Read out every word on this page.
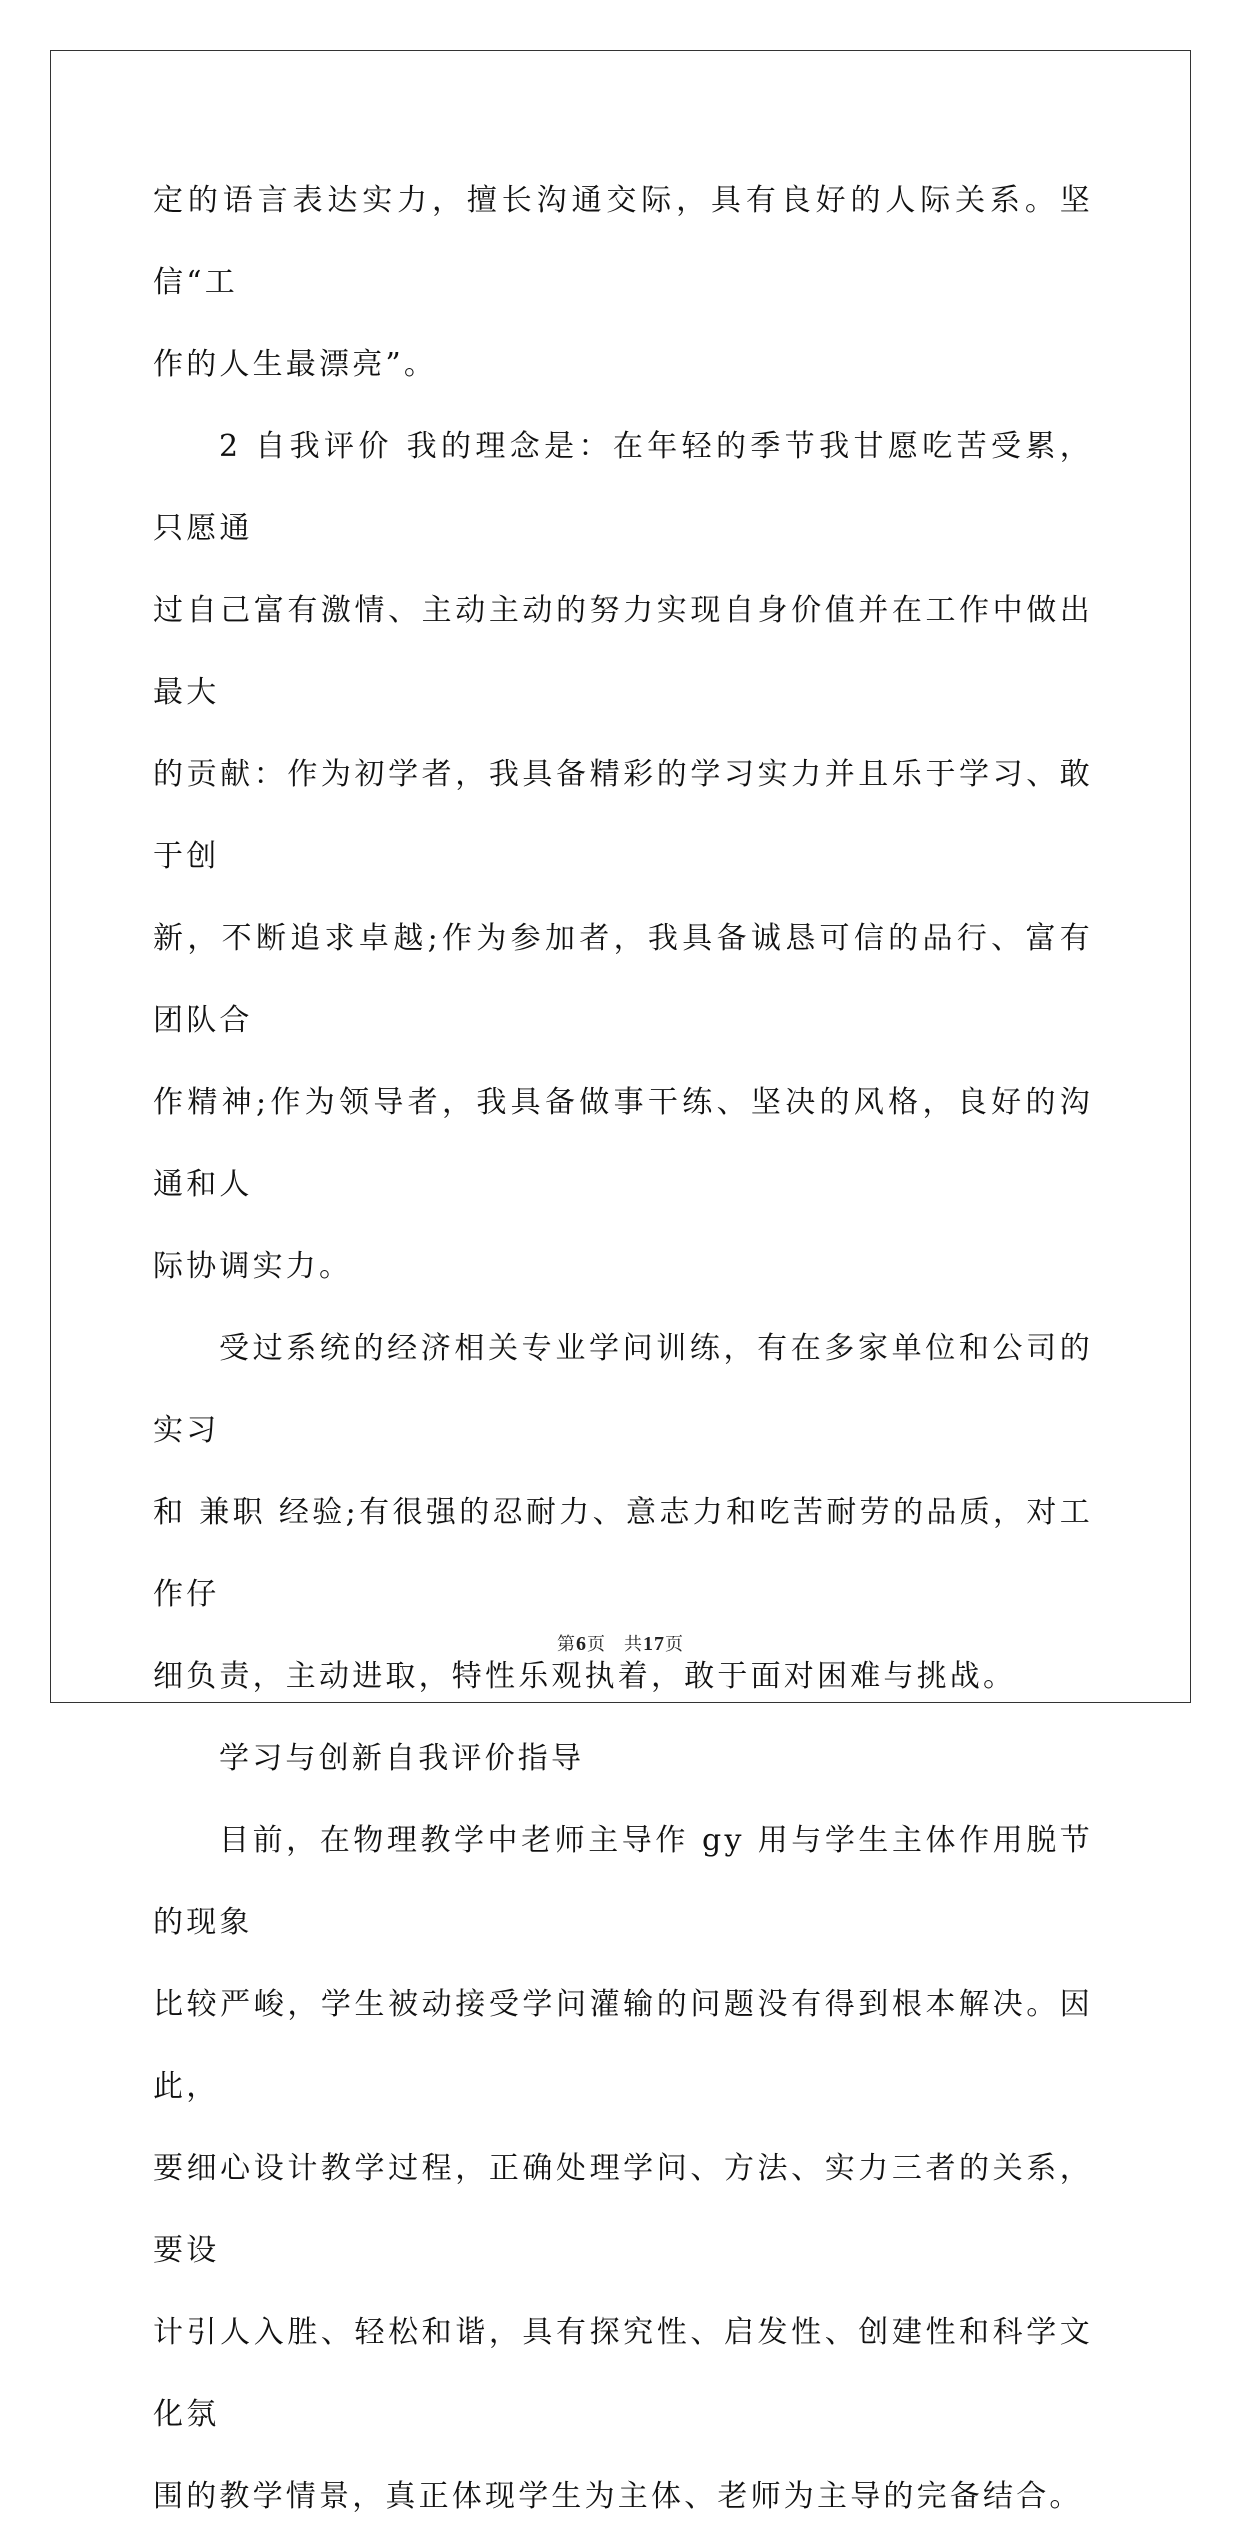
定的语言表达实力，擅长沟通交际，具有良好的人际关系。坚信“工
作的人生最漂亮”。

2 自我评价 我的理念是：在年轻的季节我甘愿吃苦受累，只愿通
过自己富有激情、主动主动的努力实现自身价值并在工作中做出最大
的贡献：作为初学者，我具备精彩的学习实力并且乐于学习、敢于创
新，不断追求卓越;作为参加者，我具备诚恳可信的品行、富有团队合
作精神;作为领导者，我具备做事干练、坚决的风格，良好的沟通和人
际协调实力。

受过系统的经济相关专业学问训练，有在多家单位和公司的实习
和 兼职 经验;有很强的忍耐力、意志力和吃苦耐劳的品质，对工作仔
细负责，主动进取，特性乐观执着，敢于面对困难与挑战。

学习与创新自我评价指导

目前，在物理教学中老师主导作 gy 用与学生主体作用脱节的现象
比较严峻，学生被动接受学问灌输的问题没有得到根本解决。因此，
要细心设计教学过程，正确处理学问、方法、实力三者的关系，要设
计引人入胜、轻松和谐，具有探究性、启发性、创建性和科学文化氛
围的教学情景，真正体现学生为主体、老师为主导的完备结合。

第6页 共17页
